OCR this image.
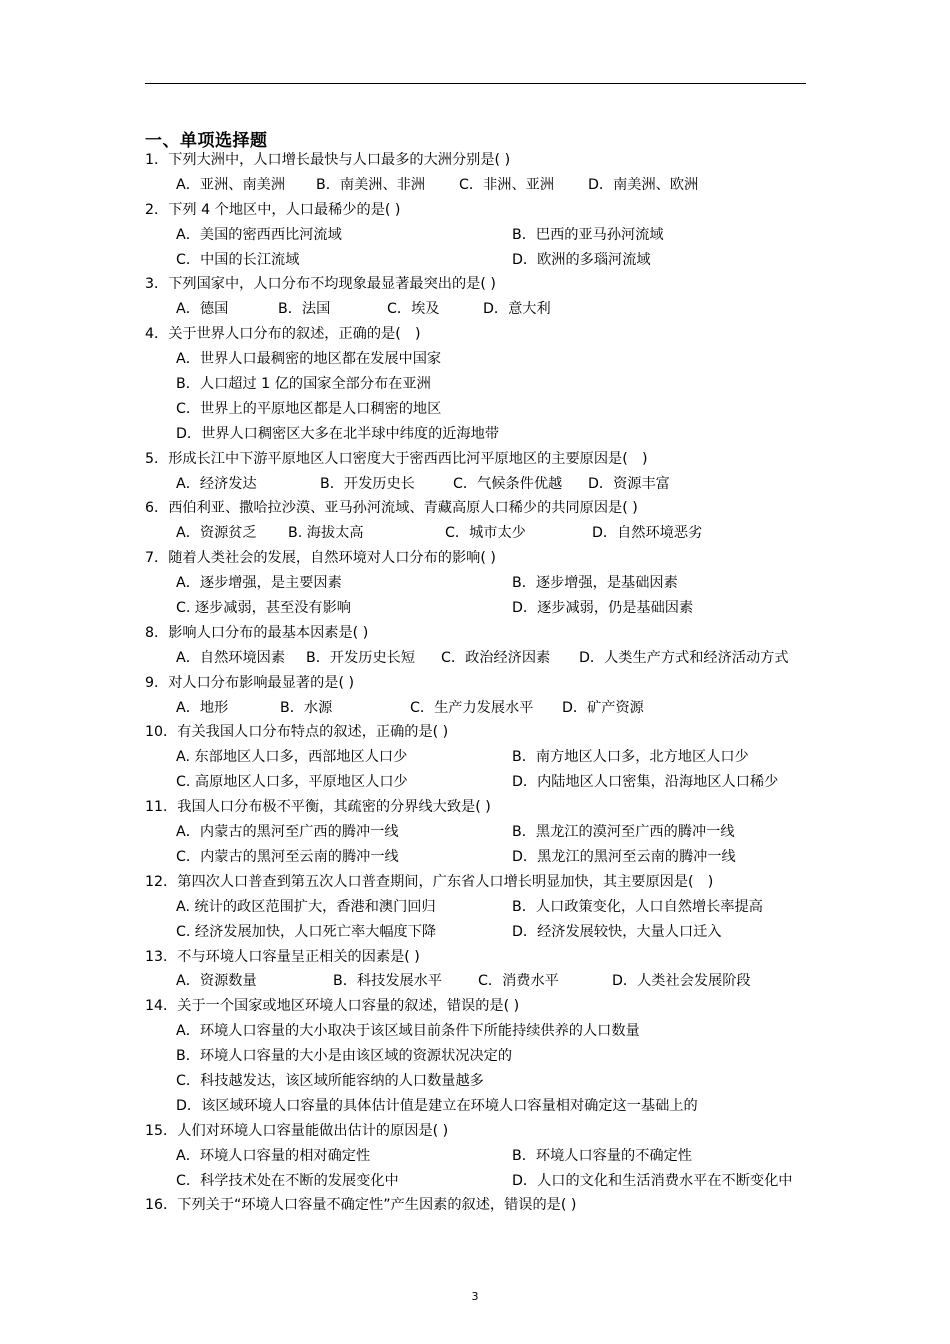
一、单项选择题
1．下列大洲中，人口增长最快与人口最多的大洲分别是( )
A．亚洲、南美洲 B．南美洲、非洲 C．非洲、亚洲 D．南美洲、欧洲
2．下列 4 个地区中，人口最稀少的是( )
A．美国的密西西比河流域	B．巴西的亚马孙河流域
C．中国的长江流域	D．欧洲的多瑙河流域
3．下列国家中，人口分布不均现象最显著最突出的是( )
A．德国	B．法国	C．埃及	D．意大利
4．关于世界人口分布的叙述，正确的是(　)
A．世界人口最稠密的地区都在发展中国家
B．人口超过 1 亿的国家全部分布在亚洲
C．世界上的平原地区都是人口稠密的地区
D．世界人口稠密区大多在北半球中纬度的近海地带
5．形成长江中下游平原地区人口密度大于密西西比河平原地区的主要原因是(　)
A．经济发达	B．开发历史长	C．气候条件优越 D．资源丰富
6．西伯利亚、撒哈拉沙漠、亚马孙河流域、青藏高原人口稀少的共同原因是( )
A．资源贫乏 B. 海拔太高	C．城市太少	D．自然环境恶劣
7．随着人类社会的发展，自然环境对人口分布的影响( )
A．逐步增强，是主要因素	B．逐步增强，是基础因素
C. 逐步减弱，甚至没有影响	D．逐步减弱，仍是基础因素
8．影响人口分布的最基本因素是( )
A．自然环境因素 B．开发历史长短 C．政治经济因素 D．人类生产方式和经济活动方式
9．对人口分布影响最显著的是( )
A．地形	B．水源	C．生产力发展水平 D．矿产资源
10．有关我国人口分布特点的叙述，正确的是( )
A. 东部地区人口多，西部地区人口少	B．南方地区人口多，北方地区人口少
C. 高原地区人口多，平原地区人口少	D．内陆地区人口密集，沿海地区人口稀少
11．我国人口分布极不平衡，其疏密的分界线大致是( )
A．内蒙古的黑河至广西的腾冲一线	B．黑龙江的漠河至广西的腾冲一线
C．内蒙古的黑河至云南的腾冲一线	D．黑龙江的黑河至云南的腾冲一线
12．第四次人口普查到第五次人口普查期间，广东省人口增长明显加快，其主要原因是(　)
A. 统计的政区范围扩大，香港和澳门回归	B．人口政策变化，人口自然增长率提高
C. 经济发展加快，人口死亡率大幅度下降	D．经济发展较快，大量人口迁入
13．不与环境人口容量呈正相关的因素是( )
A．资源数量	B．科技发展水平	C．消费水平	D．人类社会发展阶段
14．关于一个国家或地区环境人口容量的叙述，错误的是( )
A．环境人口容量的大小取决于该区域目前条件下所能持续供养的人口数量
B．环境人口容量的大小是由该区域的资源状况决定的
C．科技越发达，该区域所能容纳的人口数量越多
D．该区域环境人口容量的具体估计值是建立在环境人口容量相对确定这一基础上的
15．人们对环境人口容量能做出估计的原因是( )
A．环境人口容量的相对确定性	B．环境人口容量的不确定性
C．科学技术处在不断的发展变化中	D．人口的文化和生活消费水平在不断变化中
16．下列关于“环境人口容量不确定性”产生因素的叙述，错误的是( )
3
